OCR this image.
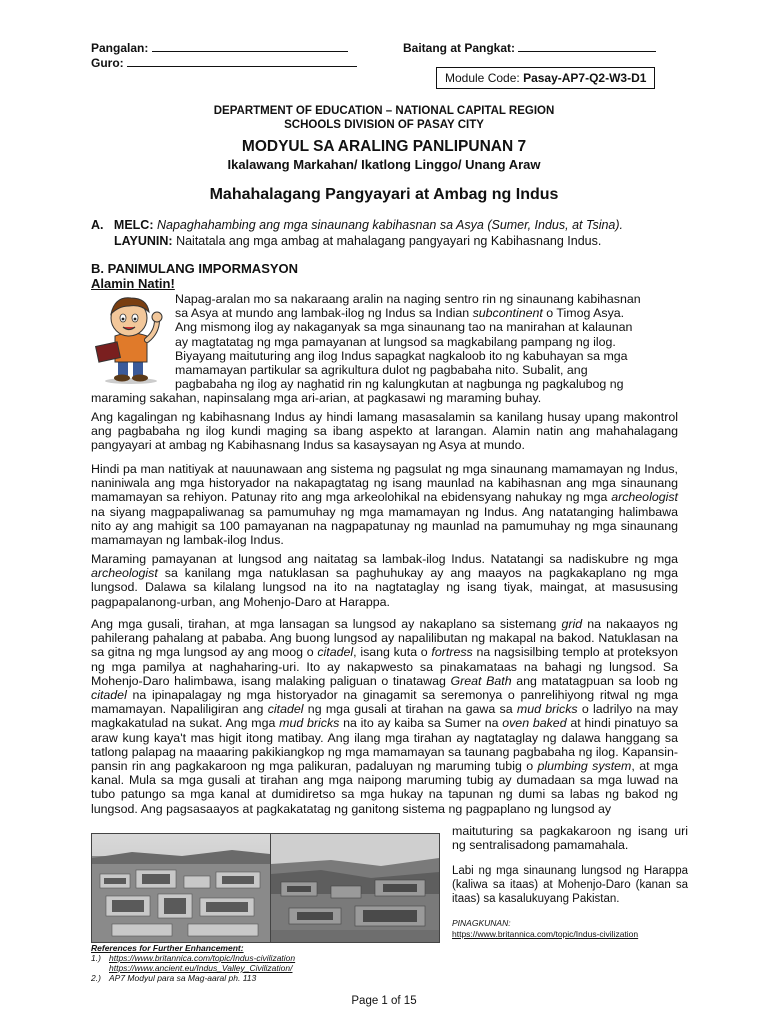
Pangalan:	Baitang at Pangkat:
Guro:
Module Code: Pasay-AP7-Q2-W3-D1
DEPARTMENT OF EDUCATION – NATIONAL CAPITAL REGION
SCHOOLS DIVISION OF PASAY CITY
MODYUL SA ARALING PANLIPUNAN 7
Ikalawang Markahan/ Ikatlong Linggo/ Unang Araw
Mahahalagang Pangyayari at Ambag ng Indus
A. MELC: Napaghahambing ang mga sinaunang kabihasnan sa Asya (Sumer, Indus, at Tsina).
LAYUNIN: Naitatala ang mga ambag at mahalagang pangyayari ng Kabihasnang Indus.
B. PANIMULANG IMPORMASYON
Alamin Natin!
Napag-aralan mo sa nakaraang aralin na naging sentro rin ng sinaunang kabihasnan
sa Asya at mundo ang lambak-ilog ng Indus sa Indian subcontinent o Timog Asya.
Ang mismong ilog ay nakaganyak sa mga sinaunang tao na manirahan at kalaunan
ay magtatatag ng mga pamayanan at lungsod sa magkabilang pampang ng ilog.
Biyayang maituturing ang ilog Indus sapagkat nagkaloob ito ng kabuhayan sa mga
mamamayan partikular sa agrikultura dulot ng pagbabaha nito. Subalit, ang
pagbabaha ng ilog ay naghatid rin ng kalungkutan at nagbunga ng pagkalubog ng
maraming sakahan, napinsalang mga ari-arian, at pagkasawi ng maraming buhay.

Ang kagalingan ng kabihasnang Indus ay hindi lamang masasalamin sa kanilang husay upang makontrol ang pagbabaha ng ilog kundi maging sa ibang aspekto at larangan. Alamin natin ang mahahalagang pangyayari at ambag ng Kabihasnang Indus sa kasaysayan ng Asya at mundo.

Hindi pa man natitiyak at nauunawaan ang sistema ng pagsulat ng mga sinaunang mamamayan ng Indus, naniniwala ang mga historyador na nakapagtatag ng isang maunlad na kabihasnan ang mga sinaunang mamamayan sa rehiyon. Patunay rito ang mga arkeolohikal na ebidensyang nahukay ng mga archeologist na siyang magpapaliwanag sa pamumuhay ng mga mamamayan ng Indus. Ang natatanging halimbawa nito ay ang mahigit sa 100 pamayanan na nagpapatunay ng maunlad na pamumuhay ng mga sinaunang mamamayan ng lambak-ilog Indus.

Maraming pamayanan at lungsod ang naitatag sa lambak-ilog Indus. Natatangi sa nadiskubre ng mga archeologist sa kanilang mga natuklasan sa paghuhukay ay ang maayos na pagkakaplano ng mga lungsod. Dalawa sa kilalang lungsod na ito na nagtataglay ng isang tiyak, maingat, at masususing pagpapalanong-urban, ang Mohenjo-Daro at Harappa.

Ang mga gusali, tirahan, at mga lansagan sa lungsod ay nakaplano sa sistemang grid na nakaayos ng pahilerang pahalang at pababa. Ang buong lungsod ay napalilibutan ng makapal na bakod. Natuklasan na sa gitna ng mga lungsod ay ang moog o citadel, isang kuta o fortress na nagsisilbing templo at proteksyon ng mga pamilya at naghaharing-uri. Ito ay nakapwesto sa pinakamataas na bahagi ng lungsod. Sa Mohenjo-Daro halimbawa, isang malaking paliguan o tinatawag Great Bath ang matatagpuan sa loob ng citadel na ipinapalagay ng mga historyador na ginagamit sa seremonya o panrelihiyong ritwal ng mga mamamayan. Napaliligiran ang citadel ng mga gusali at tirahan na gawa sa mud bricks o ladrilyo na may magkakatulad na sukat. Ang mga mud bricks na ito ay kaiba sa Sumer na oven baked at hindi pinatuyo sa araw kung kaya't mas higit itong matibay. Ang ilang mga tirahan ay nagtataglay ng dalawa hanggang sa tatlong palapag na maaaring pakikiangkop ng mga mamamayan sa taunang pagbabaha ng ilog. Kapansin-pansin rin ang pagkakaroon ng mga palikuran, padaluyan ng maruming tubig o plumbing system, at mga kanal. Mula sa mga gusali at tirahan ang mga naipong maruming tubig ay dumadaan sa mga luwad na tubo patungo sa mga kanal at dumidiretso sa mga hukay na tapunan ng dumi sa labas ng bakod ng lungsod. Ang pagsasaayos at pagkakatatag ng ganitong sistema ng pagpaplano ng lungsod ay

maituturing sa pagkakaroon ng isang uri ng sentralisadong pamamahala.

Labi ng mga sinaunang lungsod ng Harappa (kaliwa sa itaas) at Mohenjo-Daro (kanan sa itaas) sa kasalukuyang Pakistan.
PINAGKUNAN:
https://www.britannica.com/topic/Indus-civilization
References for Further Enhancement:
1.) https://www.britannica.com/topic/Indus-civilization
https://www.ancient.eu/Indus_Valley_Civilization/
2.) AP7 Modyul para sa Mag-aaral ph. 113
Page 1 of 15
